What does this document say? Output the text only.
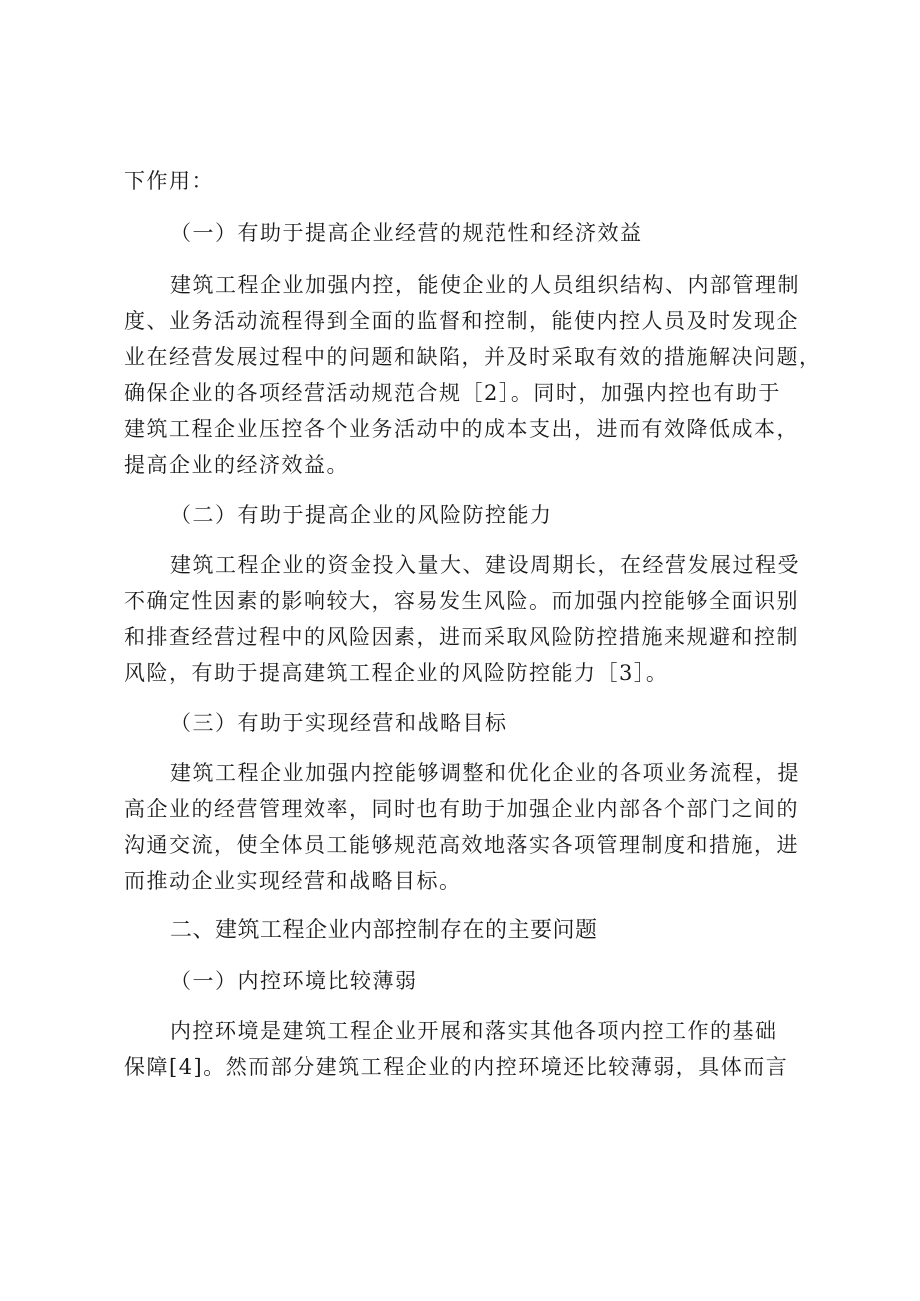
下作用：
（一）有助于提高企业经营的规范性和经济效益
建筑工程企业加强内控，能使企业的人员组织结构、内部管理制
度、业务活动流程得到全面的监督和控制，能使内控人员及时发现企
业在经营发展过程中的问题和缺陷，并及时采取有效的措施解决问题，
确保企业的各项经营活动规范合规［2］。同时，加强内控也有助于
建筑工程企业压控各个业务活动中的成本支出，进而有效降低成本，
提高企业的经济效益。
（二）有助于提高企业的风险防控能力
建筑工程企业的资金投入量大、建设周期长，在经营发展过程受
不确定性因素的影响较大，容易发生风险。而加强内控能够全面识别
和排查经营过程中的风险因素，进而采取风险防控措施来规避和控制
风险，有助于提高建筑工程企业的风险防控能力［3］。
（三）有助于实现经营和战略目标
建筑工程企业加强内控能够调整和优化企业的各项业务流程，提
高企业的经营管理效率，同时也有助于加强企业内部各个部门之间的
沟通交流，使全体员工能够规范高效地落实各项管理制度和措施，进
而推动企业实现经营和战略目标。
二、建筑工程企业内部控制存在的主要问题
（一）内控环境比较薄弱
内控环境是建筑工程企业开展和落实其他各项内控工作的基础
保障[4]。然而部分建筑工程企业的内控环境还比较薄弱，具体而言
